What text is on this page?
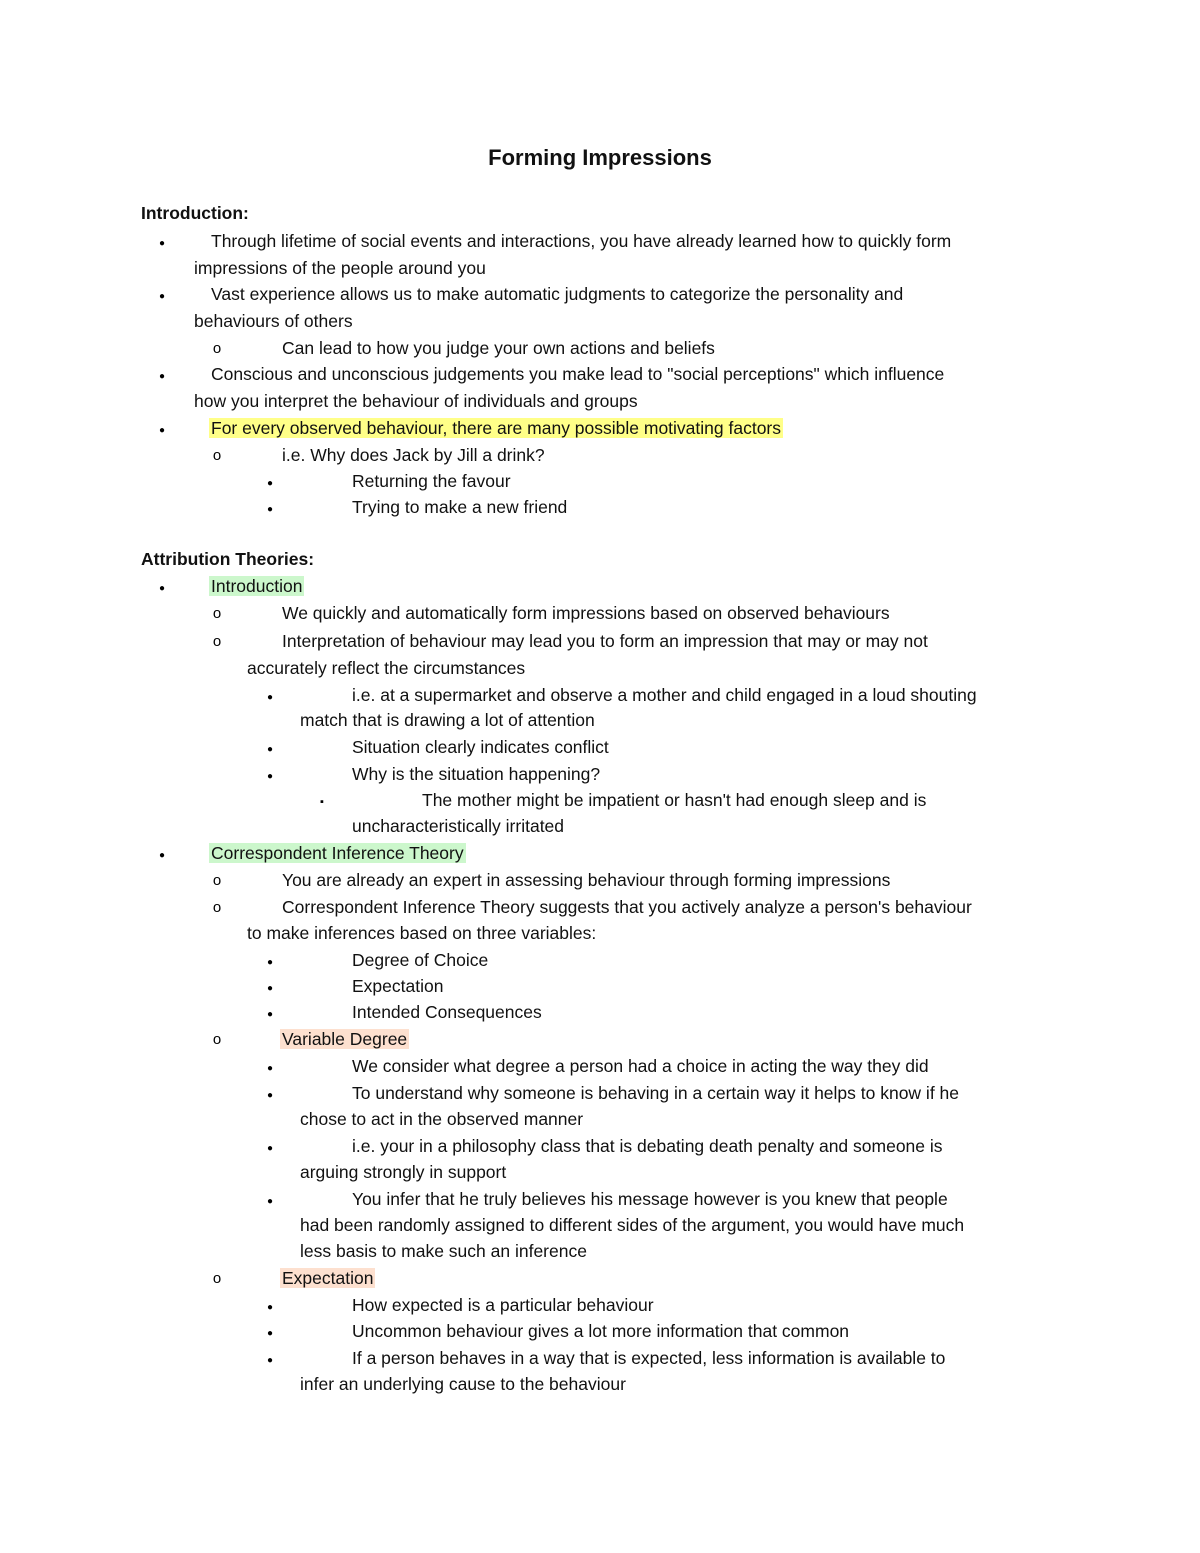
Forming Impressions
Introduction:
●

Through lifetime of social events and interactions, you have already learned how to quickly form

impressions of the people around you

●

Vast experience allows us to make automatic judgments to categorize the personality and

behaviours of others

o

Can lead to how you judge your own actions and beliefs

●

Conscious and unconscious judgements you make lead to "social perceptions" which influence

how you interpret the behaviour of individuals and groups

●

For every observed behaviour, there are many possible motivating factors

o

i.e. Why does Jack by Jill a drink?

●

Returning the favour

●

Trying to make a new friend

Attribution Theories:
●

Introduction

o

We quickly and automatically form impressions based on observed behaviours

o

Interpretation of behaviour may lead you to form an impression that may or may not

accurately reflect the circumstances

●

i.e. at a supermarket and observe a mother and child engaged in a loud shouting

match that is drawing a lot of attention

●

Situation clearly indicates conflict

●

Why is the situation happening?

▪

The mother might be impatient or hasn't had enough sleep and is

uncharacteristically irritated

●

Correspondent Inference Theory

o

You are already an expert in assessing behaviour through forming impressions

o

Correspondent Inference Theory suggests that you actively analyze a person's behaviour

to make inferences based on three variables:

●

Degree of Choice

●

Expectation

●

Intended Consequences

o

Variable Degree

●

We consider what degree a person had a choice in acting the way they did

●

To understand why someone is behaving in a certain way it helps to know if he

chose to act in the observed manner

●

i.e. your in a philosophy class that is debating death penalty and someone is

arguing strongly in support

●

You infer that he truly believes his message however is you knew that people

had been randomly assigned to different sides of the argument, you would have much

less basis to make such an inference

o

Expectation

●

How expected is a particular behaviour

●

Uncommon behaviour gives a lot more information that common

●

If a person behaves in a way that is expected, less information is available to

infer an underlying cause to the behaviour
